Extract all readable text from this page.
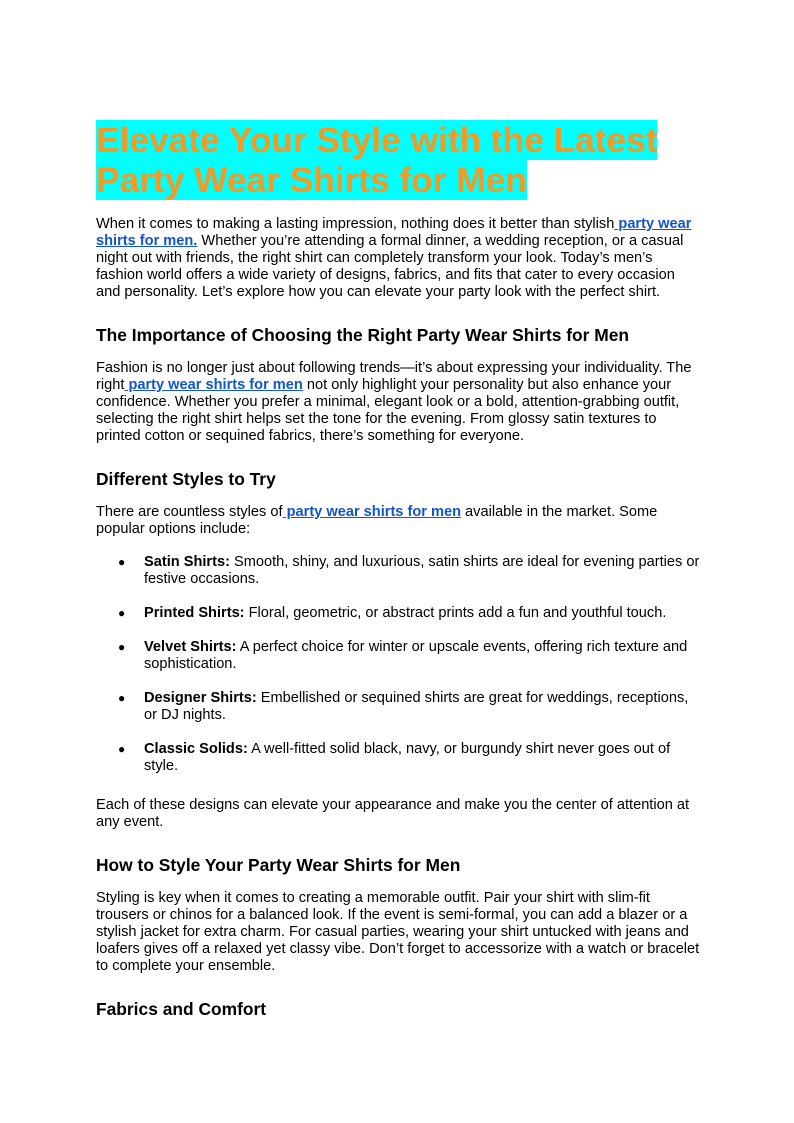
Elevate Your Style with the Latest
Party Wear Shirts for Men

When it comes to making a lasting impression, nothing does it better than stylish party wear shirts for men. Whether you’re attending a formal dinner, a wedding reception, or a casual night out with friends, the right shirt can completely transform your look. Today’s men’s fashion world offers a wide variety of designs, fabrics, and fits that cater to every occasion and personality. Let’s explore how you can elevate your party look with the perfect shirt.

The Importance of Choosing the Right Party Wear Shirts for Men

Fashion is no longer just about following trends—it’s about expressing your individuality. The right party wear shirts for men not only highlight your personality but also enhance your confidence. Whether you prefer a minimal, elegant look or a bold, attention-grabbing outfit, selecting the right shirt helps set the tone for the evening. From glossy satin textures to printed cotton or sequined fabrics, there’s something for everyone.

Different Styles to Try

There are countless styles of party wear shirts for men available in the market. Some popular options include:

● Satin Shirts: Smooth, shiny, and luxurious, satin shirts are ideal for evening parties or festive occasions.
● Printed Shirts: Floral, geometric, or abstract prints add a fun and youthful touch.
● Velvet Shirts: A perfect choice for winter or upscale events, offering rich texture and sophistication.
● Designer Shirts: Embellished or sequined shirts are great for weddings, receptions, or DJ nights.
● Classic Solids: A well-fitted solid black, navy, or burgundy shirt never goes out of style.

Each of these designs can elevate your appearance and make you the center of attention at any event.

How to Style Your Party Wear Shirts for Men

Styling is key when it comes to creating a memorable outfit. Pair your shirt with slim-fit trousers or chinos for a balanced look. If the event is semi-formal, you can add a blazer or a stylish jacket for extra charm. For casual parties, wearing your shirt untucked with jeans and loafers gives off a relaxed yet classy vibe. Don’t forget to accessorize with a watch or bracelet to complete your ensemble.

Fabrics and Comfort
